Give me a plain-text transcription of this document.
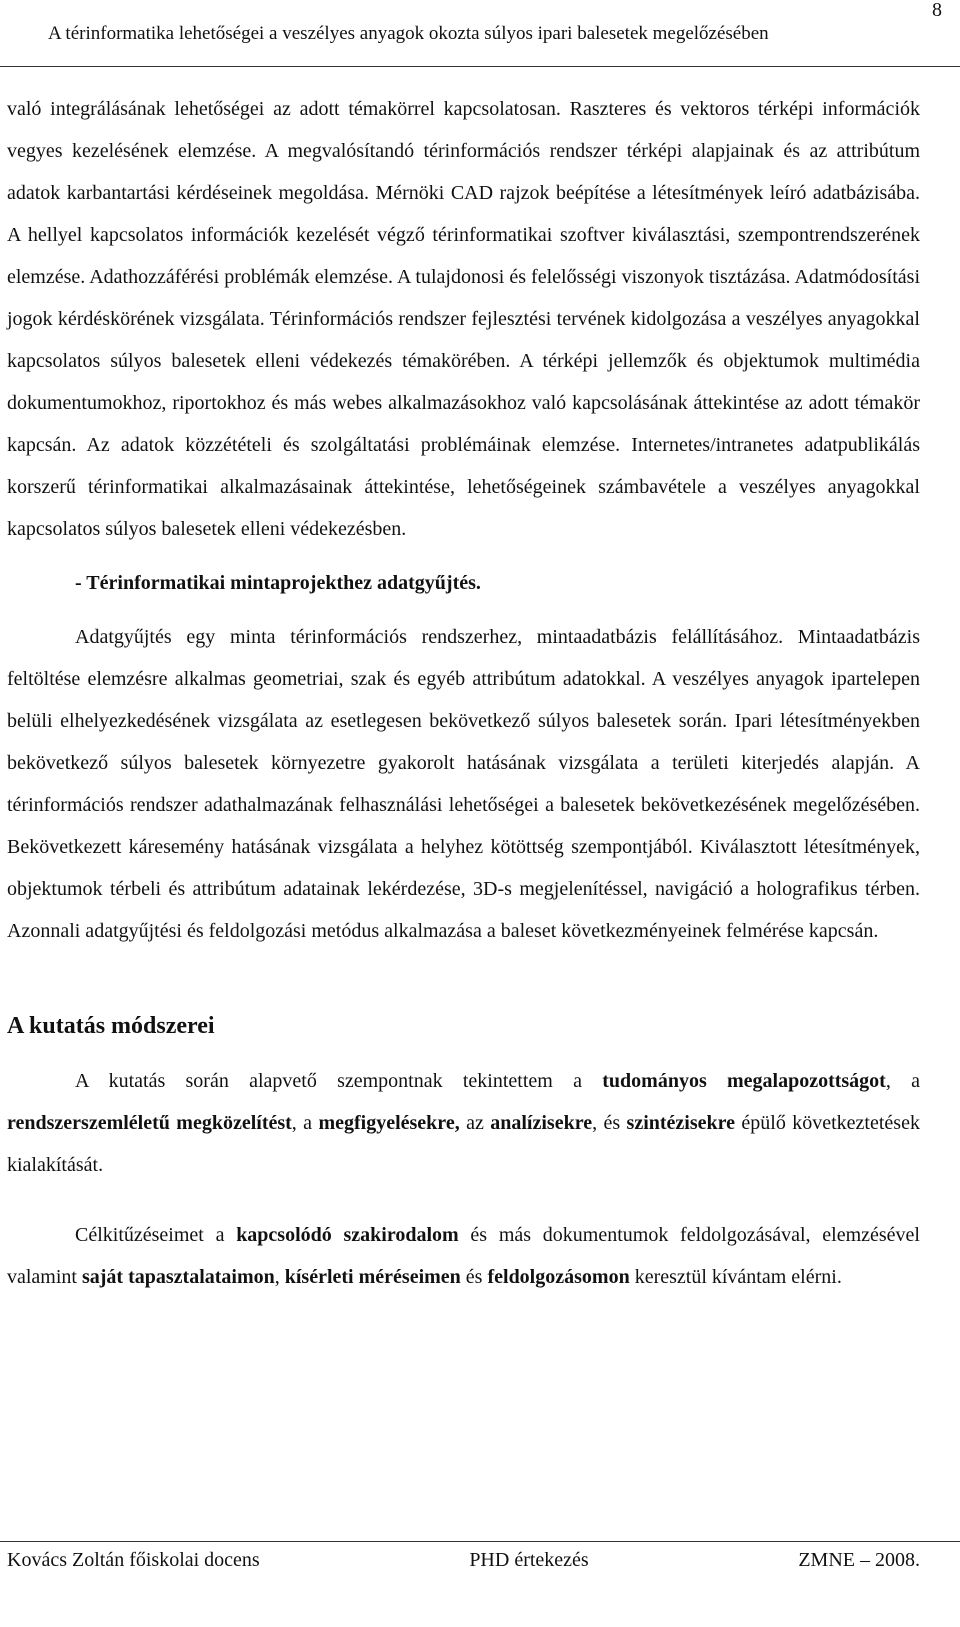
8
A térinformatika lehetőségei a veszélyes anyagok okozta súlyos ipari balesetek megelőzésében

való integrálásának lehetőségei az adott témakörrel kapcsolatosan. Raszteres és vektoros térképi információk vegyes kezelésének elemzése. A megvalósítandó térinformációs rendszer térképi alapjainak és az attribútum adatok karbantartási kérdéseinek megoldása. Mérnöki CAD rajzok beépítése a létesítmények leíró adatbázisába. A hellyel kapcsolatos információk kezelését végző térinformatikai szoftver kiválasztási, szempontrendszerének elemzése. Adathozzáférési problémák elemzése. A tulajdonosi és felelősségi viszonyok tisztázása. Adatmódosítási jogok kérdéskörének vizsgálata. Térinformációs rendszer fejlesztési tervének kidolgozása a veszélyes anyagokkal kapcsolatos súlyos balesetek elleni védekezés témakörében. A térképi jellemzők és objektumok multimédia dokumentumokhoz, riportokhoz és más webes alkalmazásokhoz való kapcsolásának áttekintése az adott témakör kapcsán. Az adatok közzétételi és szolgáltatási problémáinak elemzése. Internetes/intranetes adatpublikálás korszerű térinformatikai alkalmazásainak áttekintése, lehetőségeinek számbavétele a veszélyes anyagokkal kapcsolatos súlyos balesetek elleni védekezésben.

- Térinformatikai mintaprojekthez adatgyűjtés.

Adatgyűjtés egy minta térinformációs rendszerhez, mintaadatbázis felállításához. Mintaadatbázis feltöltése elemzésre alkalmas geometriai, szak és egyéb attribútum adatokkal. A veszélyes anyagok ipartelepen belüli elhelyezkedésének vizsgálata az esetlegesen bekövetkező súlyos balesetek során. Ipari létesítményekben bekövetkező súlyos balesetek környezetre gyakorolt hatásának vizsgálata a területi kiterjedés alapján. A térinformációs rendszer adathalmazának felhasználási lehetőségei a balesetek bekövetkezésének megelőzésében. Bekövetkezett káresemény hatásának vizsgálata a helyhez kötöttség szempontjából. Kiválasztott létesítmények, objektumok térbeli és attribútum adatainak lekérdezése, 3D-s megjelenítéssel, navigáció a holografikus térben. Azonnali adatgyűjtési és feldolgozási metódus alkalmazása a baleset következményeinek felmérése kapcsán.

A kutatás módszerei

A kutatás során alapvető szempontnak tekintettem a tudományos megalapozottságot, a rendszerszemléletű megközelítést, a megfigyelésekre, az analízisekre, és szintézisekre épülő következtetések kialakítását.

Célkitűzéseimet a kapcsolódó szakirodalom és más dokumentumok feldolgozásával, elemzésével valamint saját tapasztalataimon, kísérleti méréseimen és feldolgozásomon keresztül kívántam elérni.

Kovács Zoltán főiskolai docens	PHD értekezés	ZMNE – 2008.
